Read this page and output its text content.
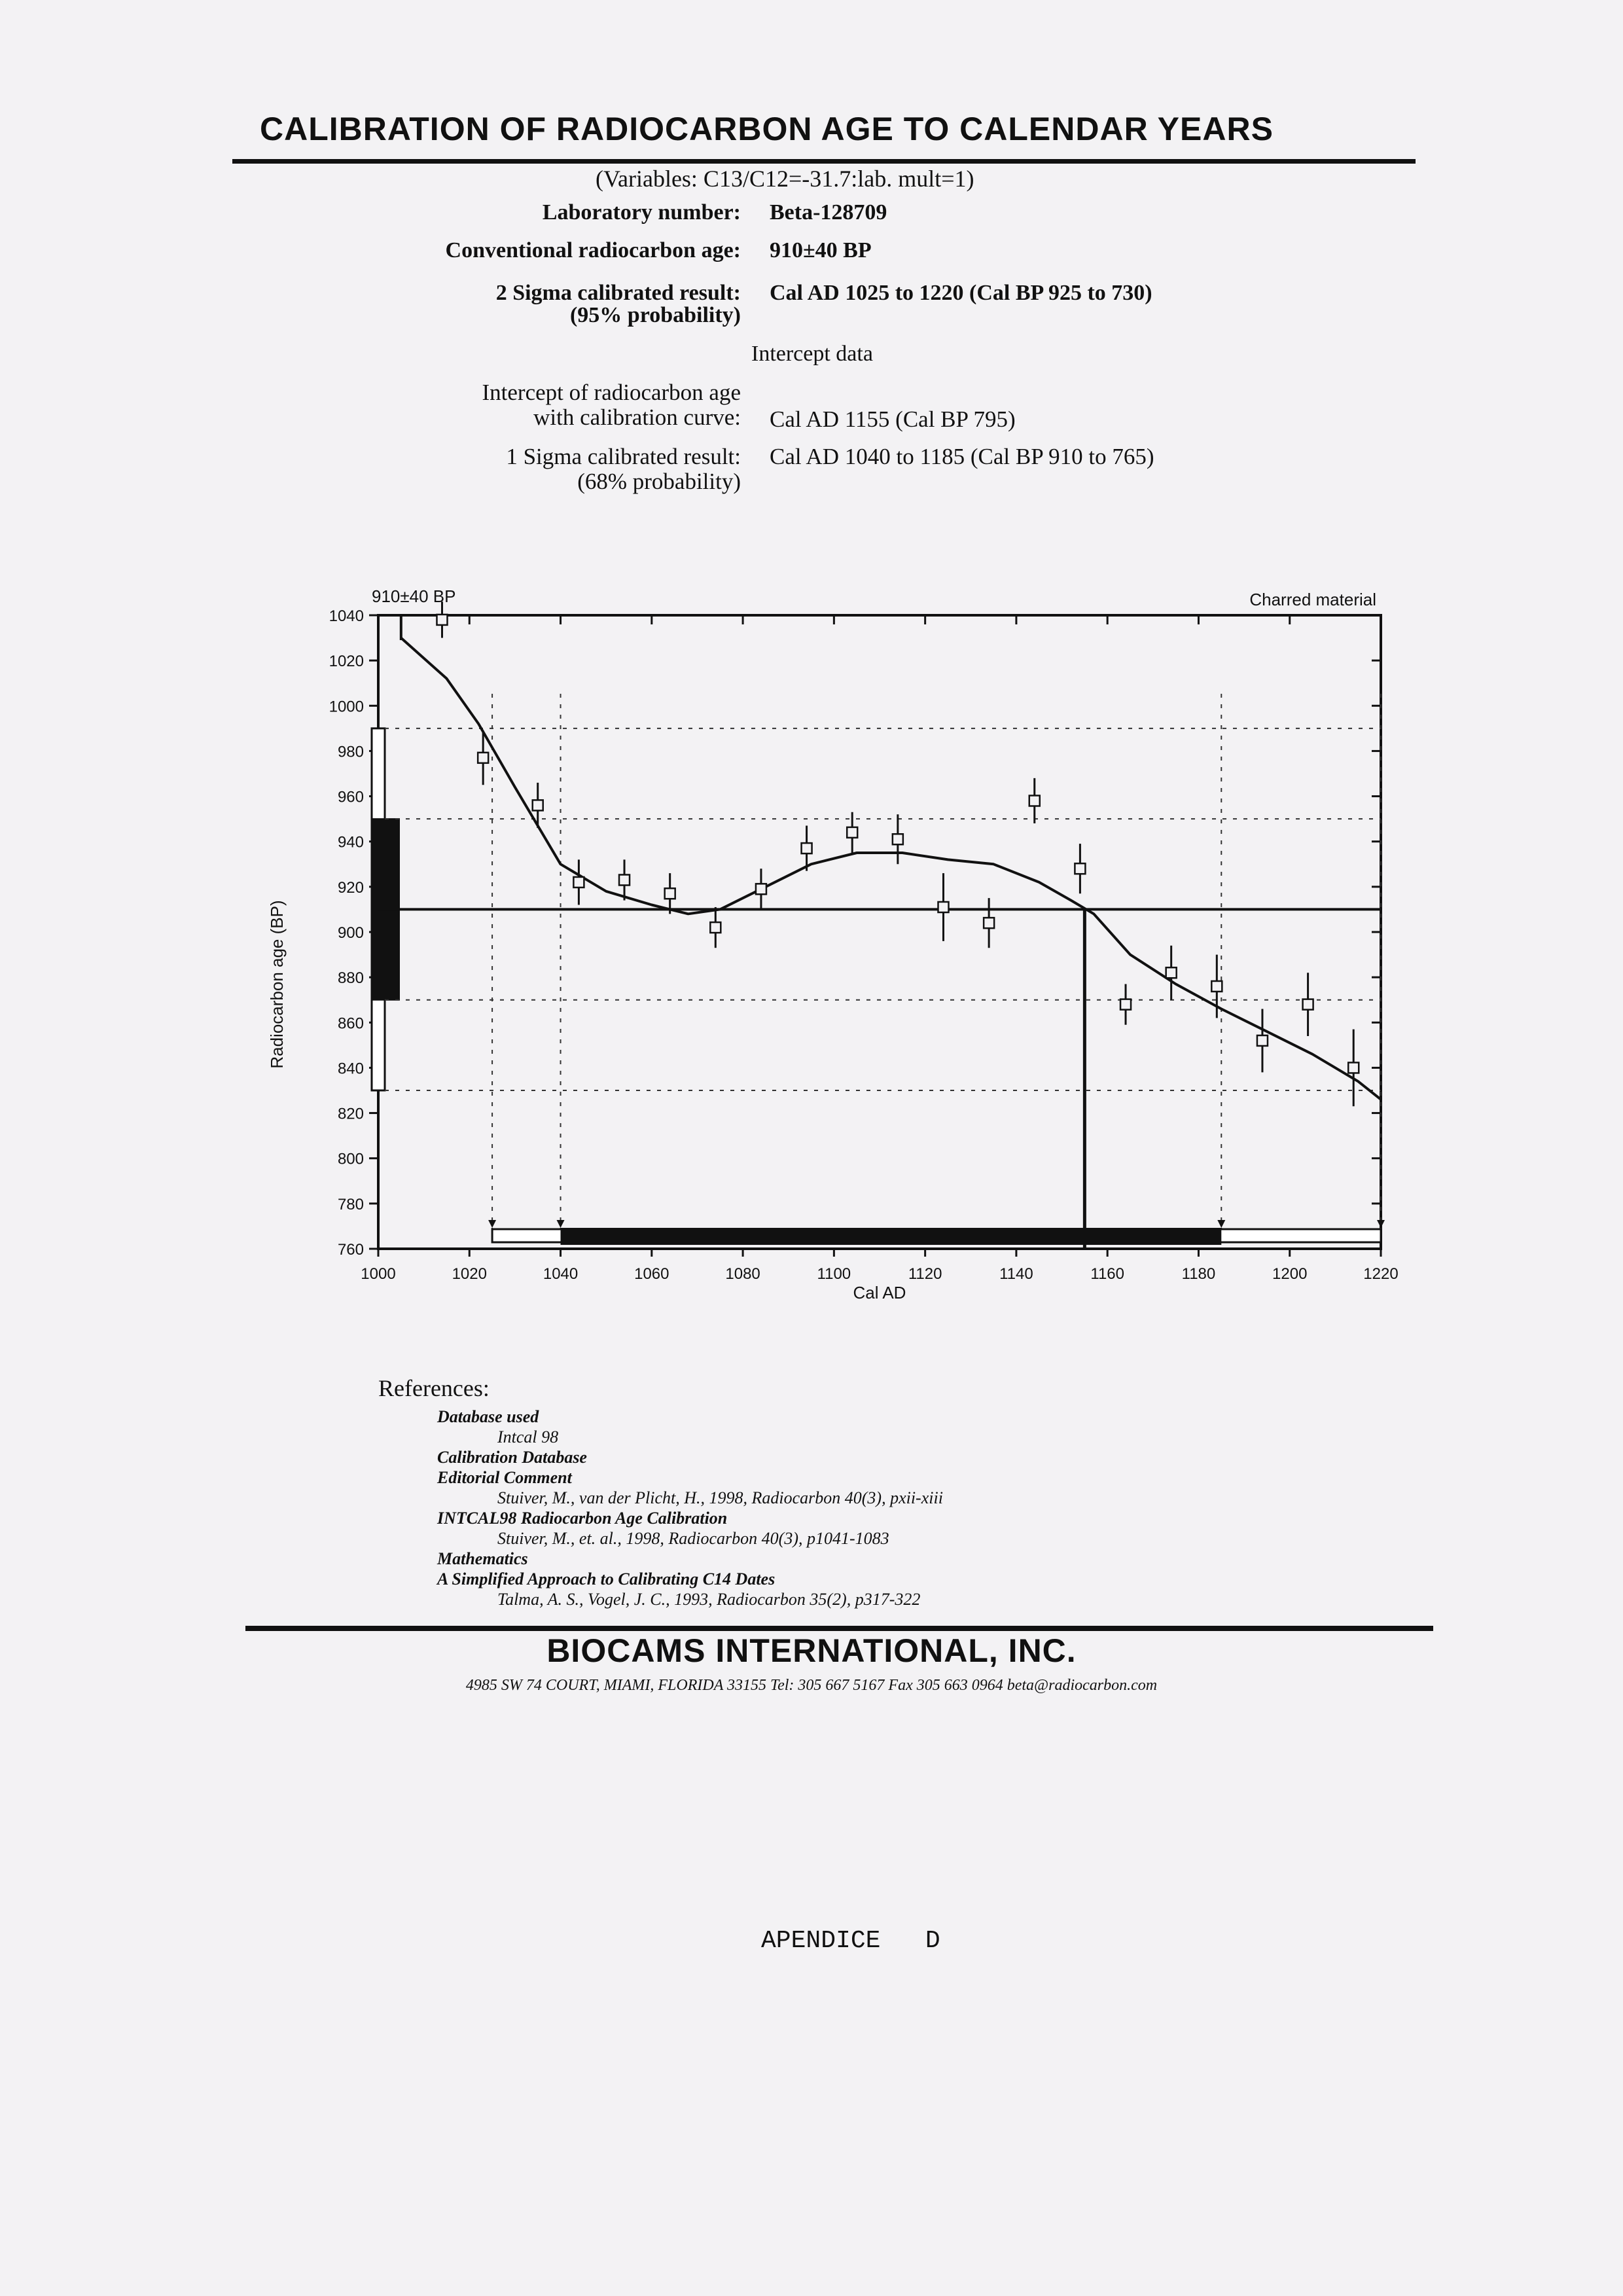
CALIBRATION OF RADIOCARBON AGE TO CALENDAR YEARS
(Variables: C13/C12=-31.7:lab. mult=1)
Laboratory number: Beta-128709
Conventional radiocarbon age: 910±40 BP
2 Sigma calibrated result:
(95% probability)
Cal AD 1025 to 1220 (Cal BP 925 to 730)
Intercept data
Intercept of radiocarbon age
with calibration curve: Cal AD 1155 (Cal BP 795)
1 Sigma calibrated result:
(68% probability)
Cal AD 1040 to 1185 (Cal BP 910 to 765)
910±40 BP	Charred material
1000	1020	1040	1060	1080	1100	1120	1140	1160	1180	1200	1220
760
780
800
820
840
860
880
900
920
940
960
980
1000
1020
1040
Cal AD
Radiocarbon age (BP)
References:
Database used
Intcal 98
Calibration Database
Editorial Comment
Stuiver, M., van der Plicht, H., 1998, Radiocarbon 40(3), pxii-xiii
INTCAL98 Radiocarbon Age Calibration
Stuiver, M., et. al., 1998, Radiocarbon 40(3), p1041-1083
Mathematics
A Simplified Approach to Calibrating C14 Dates
Talma, A. S., Vogel, J. C., 1993, Radiocarbon 35(2), p317-322
BIOCAMS INTERNATIONAL, INC.
4985 SW 74 COURT, MIAMI, FLORIDA 33155 Tel: 305 667 5167 Fax 305 663 0964 beta@radiocarbon.com
APENDICE   D
